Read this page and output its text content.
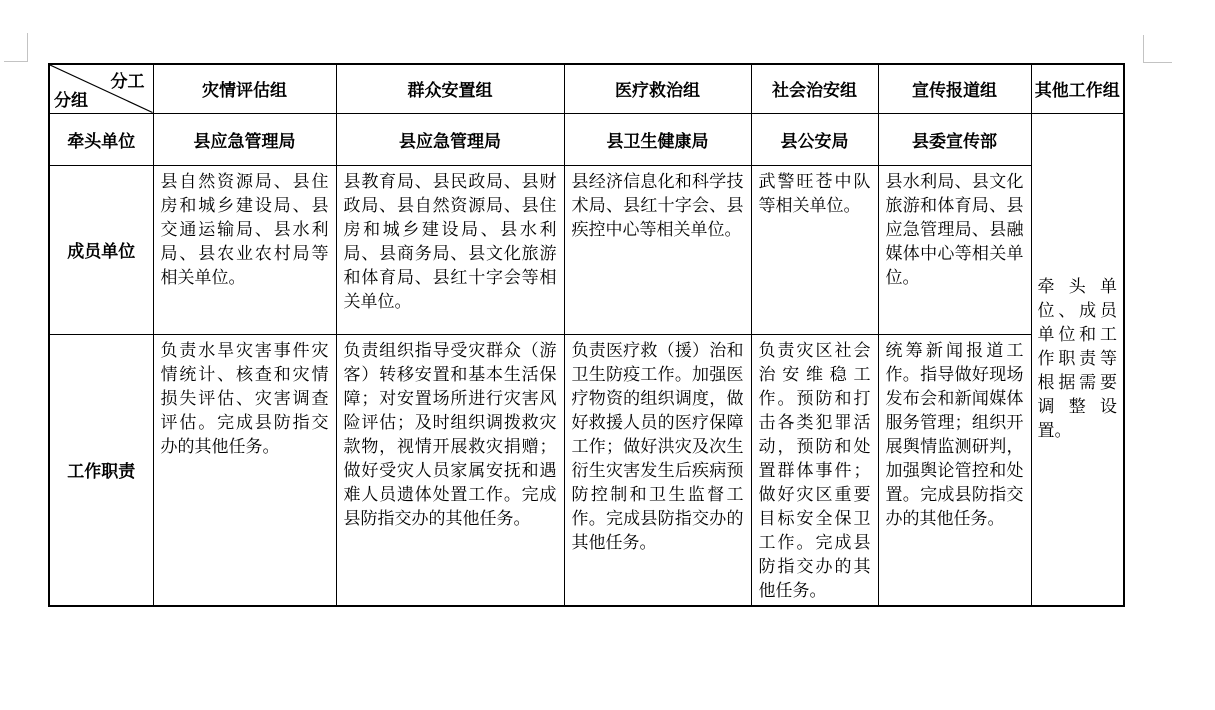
分工
分组	灾情评估组	群众安置组	医疗救治组	社会治安组	宣传报道组	其他工作组
牵头单位	县应急管理局	县应急管理局	县卫生健康局	县公安局	县委宣传部	牵头单位、成员单位和工作职责等根据需要调整设置。
成员单位	县自然资源局、县住房和城乡建设局、县交通运输局、县水利局、县农业农村局等相关单位。	县教育局、县民政局、县财政局、县自然资源局、县住房和城乡建设局、县水利局、县商务局、县文化旅游和体育局、县红十字会等相关单位。	县经济信息化和科学技术局、县红十字会、县疾控中心等相关单位。	武警旺苍中队等相关单位。	县水利局、县文化旅游和体育局、县应急管理局、县融媒体中心等相关单位。	
工作职责	负责水旱灾害事件灾情统计、核查和灾情损失评估、灾害调查评估。完成县防指交办的其他任务。	负责组织指导受灾群众（游客）转移安置和基本生活保障；对安置场所进行灾害风险评估；及时组织调拨救灾款物，视情开展救灾捐赠；做好受灾人员家属安抚和遇难人员遗体处置工作。完成县防指交办的其他任务。	负责医疗救（援）治和卫生防疫工作。加强医疗物资的组织调度，做好救援人员的医疗保障工作；做好洪灾及次生衍生灾害发生后疾病预防控制和卫生监督工作。完成县防指交办的其他任务。	负责灾区社会治安维稳工作。预防和打击各类犯罪活动，预防和处置群体事件；做好灾区重要目标安全保卫工作。完成县防指交办的其他任务。	统筹新闻报道工作。指导做好现场发布会和新闻媒体服务管理；组织开展舆情监测研判，加强舆论管控和处置。完成县防指交办的其他任务。	
